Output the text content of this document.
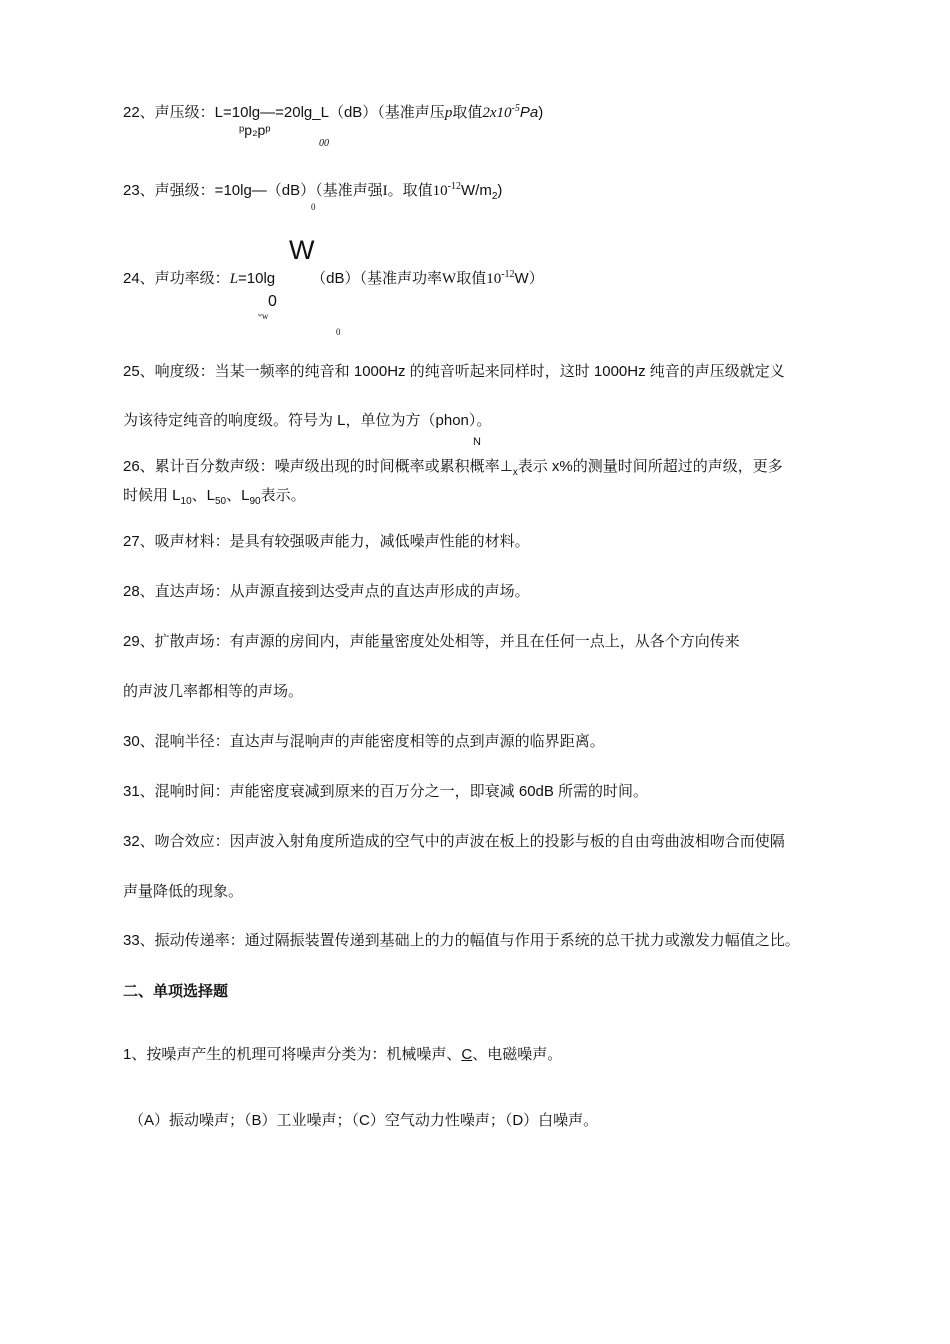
22、声压级：L=10lg—=20lg_L（dB）（基准声压p取值$2x10^{-5}Pa$)
ᵖp₂pᵖ
00
23、声强级：=10lg—（dB）（基准声强I。取值$10^{-12}W/m_2$)
0
W
24、声功率级：L=10lg （dB）（基准声功率W取值$10^{-12}W$）
0
ʷw
0
25、响度级：当某一频率的纯音和 1000Hz 的纯音听起来同样时，这时 1000Hz 纯音的声压级就定义
为该待定纯音的响度级。符号为 L，单位为方（phon）。
N
26、累计百分数声级：噪声级出现的时间概率或累积概率$\perp_x$表示 x%的测量时间所超过的声级，更多
时候用 $L_{10}$、$L_{50}$、$L_{90}$表示。
27、吸声材料：是具有较强吸声能力，减低噪声性能的材料。
28、直达声场：从声源直接到达受声点的直达声形成的声场。
29、扩散声场：有声源的房间内，声能量密度处处相等，并且在任何一点上，从各个方向传来
的声波几率都相等的声场。
30、混响半径：直达声与混响声的声能密度相等的点到声源的临界距离。
31、混响时间：声能密度衰减到原来的百万分之一，即衰减 60dB 所需的时间。
32、吻合效应：因声波入射角度所造成的空气中的声波在板上的投影与板的自由弯曲波相吻合而使隔
声量降低的现象。
33、振动传递率：通过隔振装置传递到基础上的力的幅值与作用于系统的总干扰力或激发力幅值之比。
二、单项选择题
1、按噪声产生的机理可将噪声分类为：机械噪声、C、电磁噪声。
（A）振动噪声；（B）工业噪声；（C）空气动力性噪声；（D）白噪声。
